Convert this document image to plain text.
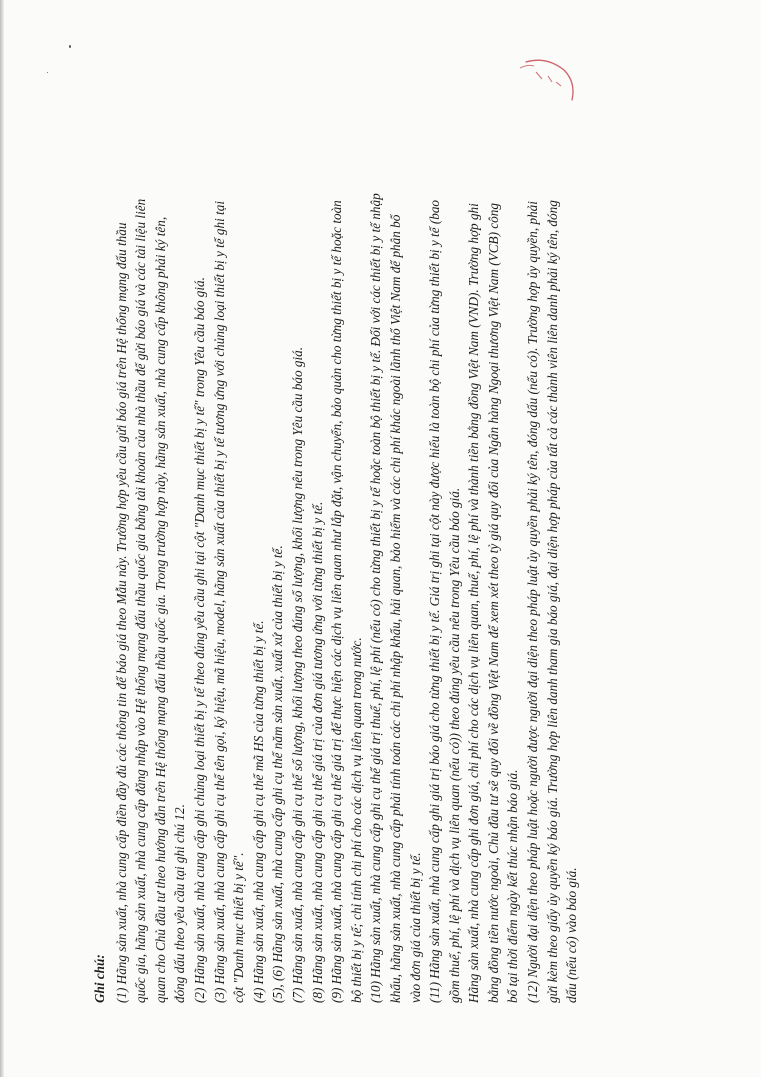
Ghi chú: (1) Hãng sản xuất, nhà cung cấp điền đầy đủ các thông tin để báo giá theo Mẫu này. Trường hợp yêu cầu gửi báo giá trên Hệ thống mạng đấu thầu quốc gia, hãng sản xuất, nhà cung cấp đăng nhập vào Hệ thống mạng đấu thầu quốc gia bằng tài khoản của nhà thầu để gửi báo giá và các tài liệu liên quan cho Chủ đầu tư theo hướng dẫn trên Hệ thống mạng đấu thầu quốc gia. Trong trường hợp này, hãng sản xuất, nhà cung cấp không phải ký tên, đóng dấu theo yêu cầu tại ghi chú 12. (2) Hãng sản xuất, nhà cung cấp ghi chủng loại thiết bị y tế theo đúng yêu cầu ghi tại cột "Danh mục thiết bị y tế" trong Yêu cầu báo giá. (3) Hãng sản xuất, nhà cung cấp ghi cụ thể tên gọi, ký hiệu, mã hiệu, model, hãng sản xuất của thiết bị y tế tương ứng với chủng loại thiết bị y tế ghi tại cột "Danh mục thiết bị y tế". (4) Hãng sản xuất, nhà cung cấp ghi cụ thể mã HS của từng thiết bị y tế. (5), (6) Hãng sản xuất, nhà cung cấp ghi cụ thể năm sản xuất, xuất xứ của thiết bị y tế. (7) Hãng sản xuất, nhà cung cấp ghi cụ thể số lượng, khối lượng theo đúng số lượng, khối lượng nêu trong Yêu cầu báo giá. (8) Hãng sản xuất, nhà cung cấp ghi cụ thể giá trị của đơn giá tương ứng với từng thiết bị y tế. (9) Hãng sản xuất, nhà cung cấp ghi cụ thể giá trị để thực hiện các dịch vụ liên quan như lắp đặt, vận chuyển, bảo quản cho từng thiết bị y tế hoặc toàn bộ thiết bị y tế; chỉ tính chi phí cho các dịch vụ liên quan trong nước. (10) Hãng sản xuất, nhà cung cấp ghi cụ thể giá trị thuế, phí, lệ phí (nếu có) cho từng thiết bị y tế hoặc toàn bộ thiết bị y tế. Đối với các thiết bị y tế nhập khẩu, hãng sản xuất, nhà cung cấp phải tính toán các chi phí nhập khẩu, hải quan, bảo hiểm và các chi phí khác ngoài lãnh thổ Việt Nam để phân bổ vào đơn giá của thiết bị y tế. (11) Hãng sản xuất, nhà cung cấp ghi giá trị báo giá cho từng thiết bị y tế. Giá trị ghi tại cột này được hiểu là toàn bộ chi phí của từng thiết bị y tế (bao gồm thuế, phí, lệ phí và dịch vụ liên quan (nếu có)) theo đúng yêu cầu nêu trong Yêu cầu báo giá. Hãng sản xuất, nhà cung cấp ghi đơn giá, chi phí cho các dịch vụ liên quan, thuế, phí, lệ phí và thành tiền bằng đồng Việt Nam (VND). Trường hợp ghi bằng đồng tiền nước ngoài, Chủ đầu tư sẽ quy đổi về đồng Việt Nam để xem xét theo tỷ giá quy đổi của Ngân hàng Ngoại thương Việt Nam (VCB) công bố tại thời điểm ngày kết thúc nhận báo giá. (12) Người đại diện theo pháp luật hoặc người được người đại diện theo pháp luật ủy quyền phải ký tên, đóng dấu (nếu có). Trường hợp ủy quyền, phải gửi kèm theo giấy ủy quyền ký báo giá. Trường hợp liên danh tham gia báo giá, đại diện hợp pháp của tất cả các thành viên liên danh phải ký tên, đóng dấu (nếu có) vào báo giá.
